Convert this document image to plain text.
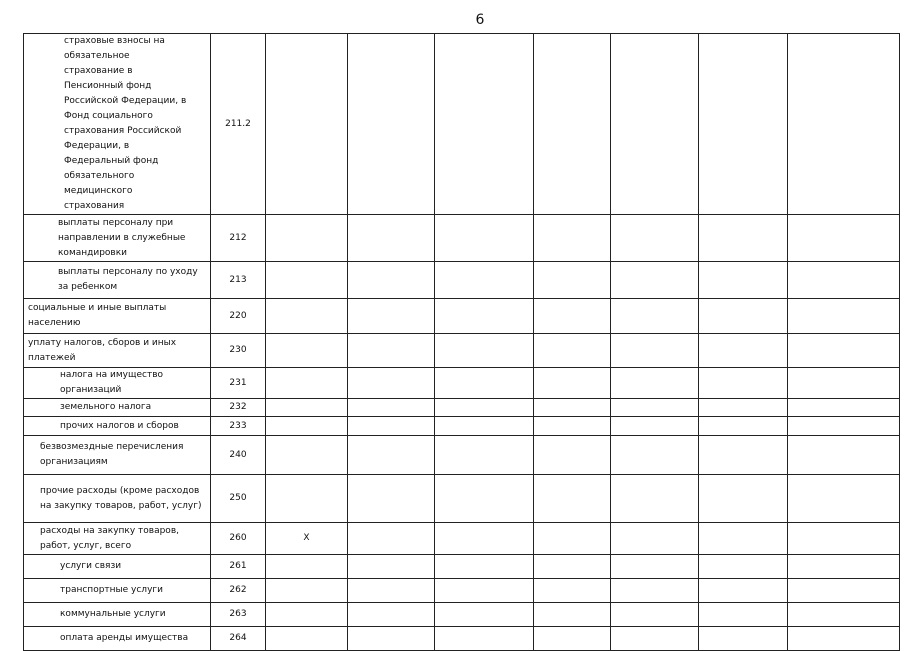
6
страховые взносы на обязательное страхование в Пенсионный фонд Российской Федерации, в Фонд социального страхования Российской Федерации, в Федеральный фонд обязательного медицинского страхования	211.2							
выплаты персоналу при направлении в служебные командировки	212							
выплаты персоналу по уходу за ребенком	213							
социальные и иные выплаты населению	220							
уплату налогов, сборов и иных платежей	230							
налога на имущество организаций	231							
земельного налога	232							
прочих налогов и сборов	233							
безвозмездные перечисления организациям	240							
прочие расходы (кроме расходов на закупку товаров, работ, услуг)	250							
расходы на закупку товаров, работ, услуг, всего	260	X						
услуги связи	261							
транспортные услуги	262							
коммунальные услуги	263							
оплата аренды имущества	264							
